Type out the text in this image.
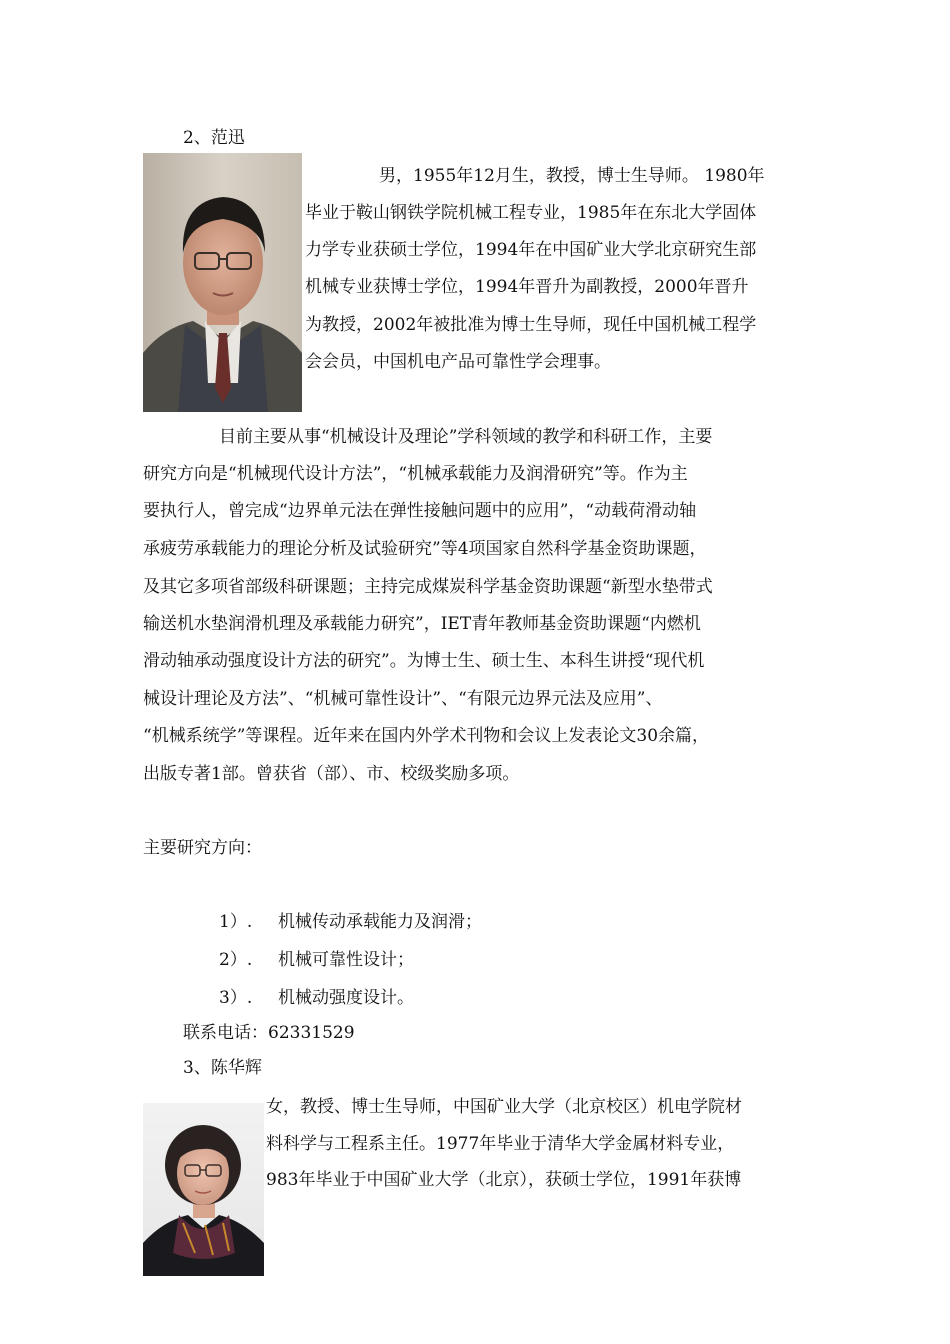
2、范迅

男，1955年12月生，教授，博士生导师。 1980年

毕业于鞍山钢铁学院机械工程专业，1985年在东北大学固体

力学专业获硕士学位，1994年在中国矿业大学北京研究生部

机械专业获博士学位，1994年晋升为副教授，2000年晋升

为教授，2002年被批准为博士生导师，现任中国机械工程学

会会员，中国机电产品可靠性学会理事。

目前主要从事“机械设计及理论”学科领域的教学和科研工作，主要

研究方向是“机械现代设计方法”，“机械承载能力及润滑研究”等。作为主

要执行人，曾完成“边界单元法在弹性接触问题中的应用”，“动载荷滑动轴

承疲劳承载能力的理论分析及试验研究”等4项国家自然科学基金资助课题，

及其它多项省部级科研课题；主持完成煤炭科学基金资助课题“新型水垫带式

输送机水垫润滑机理及承载能力研究”，IET青年教师基金资助课题“内燃机

滑动轴承动强度设计方法的研究”。为博士生、硕士生、本科生讲授“现代机

械设计理论及方法”、“机械可靠性设计”、“有限元边界元法及应用”、

“机械系统学”等课程。近年来在国内外学术刊物和会议上发表论文30余篇，

出版专著1部。曾获省（部）、市、校级奖励多项。

主要研究方向：

1）. 机械传动承载能力及润滑；
2）. 机械可靠性设计；
3）. 机械动强度设计。

联系电话：62331529

3、陈华辉

女，教授、博士生导师，中国矿业大学（北京校区）机电学院材

料科学与工程系主任。1977年毕业于清华大学金属材料专业，

983年毕业于中国矿业大学（北京），获硕士学位，1991年获博
